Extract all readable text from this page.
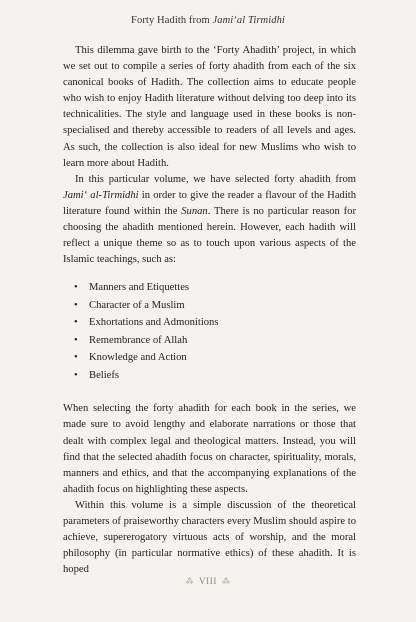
Forty Hadith from Jami‘al Tirmidhi

This dilemma gave birth to the ‘Forty Ahadith’ project, in which we set out to compile a series of forty ahadith from each of the six canonical books of Hadith. The collection aims to educate people who wish to enjoy Hadith literature without delving too deep into its technicalities. The style and language used in these books is non-specialised and thereby accessible to readers of all levels and ages. As such, the collection is also ideal for new Muslims who wish to learn more about Hadith.

In this particular volume, we have selected forty ahadith from Jami‘ al-Tirmidhi in order to give the reader a flavour of the Hadith literature found within the Sunan. There is no particular reason for choosing the ahadith mentioned herein. However, each hadith will reflect a unique theme so as to touch upon various aspects of the Islamic teachings, such as:

• Manners and Etiquettes
• Character of a Muslim
• Exhortations and Admonitions
• Remembrance of Allah
• Knowledge and Action
• Beliefs

When selecting the forty ahadith for each book in the series, we made sure to avoid lengthy and elaborate narrations or those that dealt with complex legal and theological matters. Instead, you will find that the selected ahadith focus on character, spirituality, morals, manners and ethics, and that the accompanying explanations of the ahadith focus on highlighting these aspects.

Within this volume is a simple discussion of the theoretical parameters of praiseworthy characters every Muslim should aspire to achieve, supererogatory virtuous acts of worship, and the moral philosophy (in particular normative ethics) of these ahadith. It is hoped

⁂ VIII ⁂
